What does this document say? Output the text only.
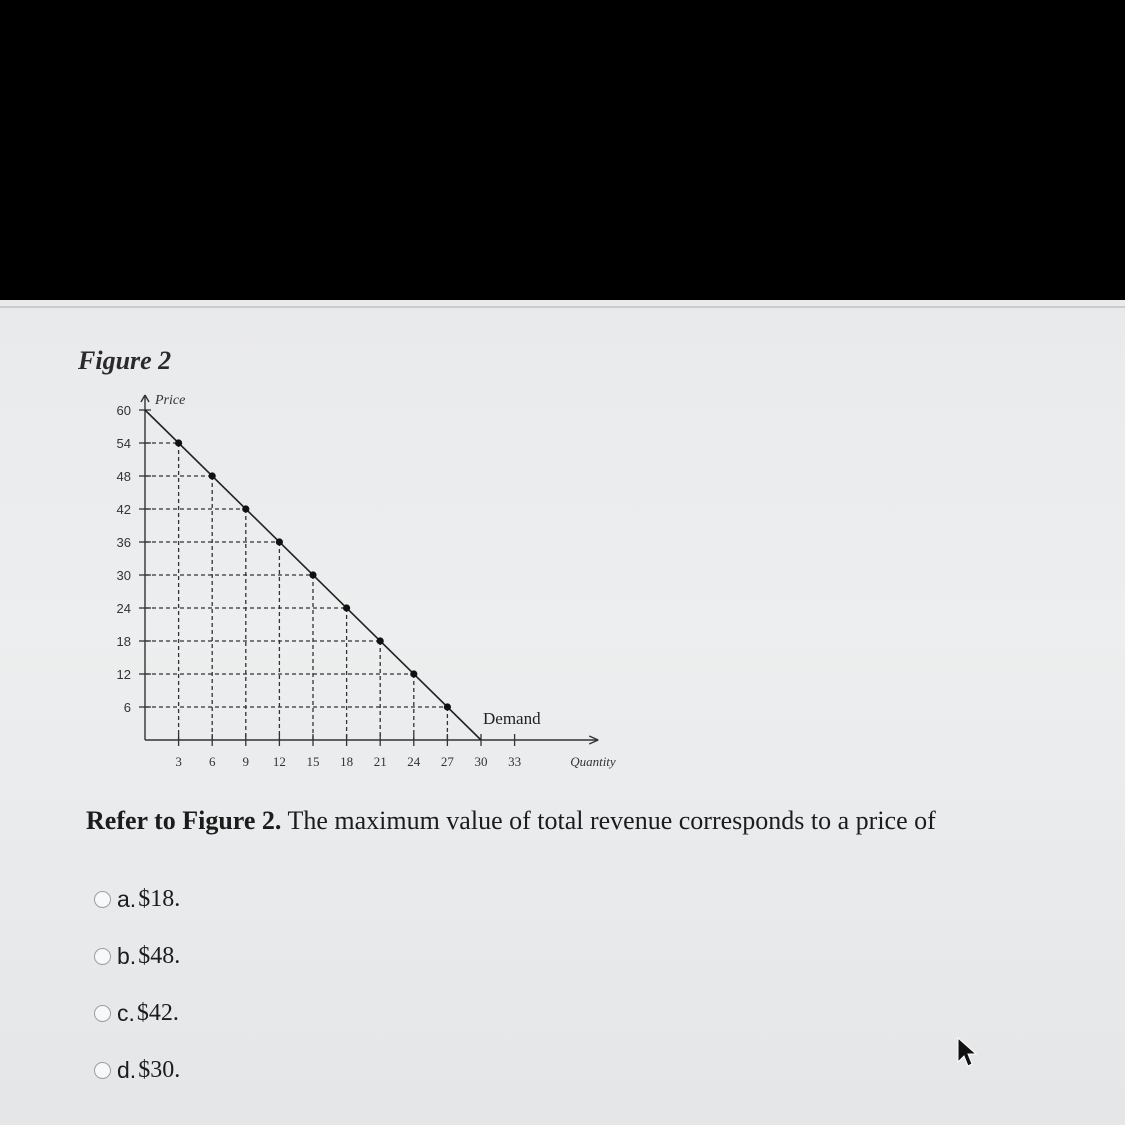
Figure 2
6
12
18
24
30
36
42
48
54
60
3 6 9 12 15 18 21 24 27 30 33
Price
Quantity
Demand
Refer to Figure 2. The maximum value of total revenue corresponds to a price of
a. $18.
b. $48.
c. $42.
d. $30.
